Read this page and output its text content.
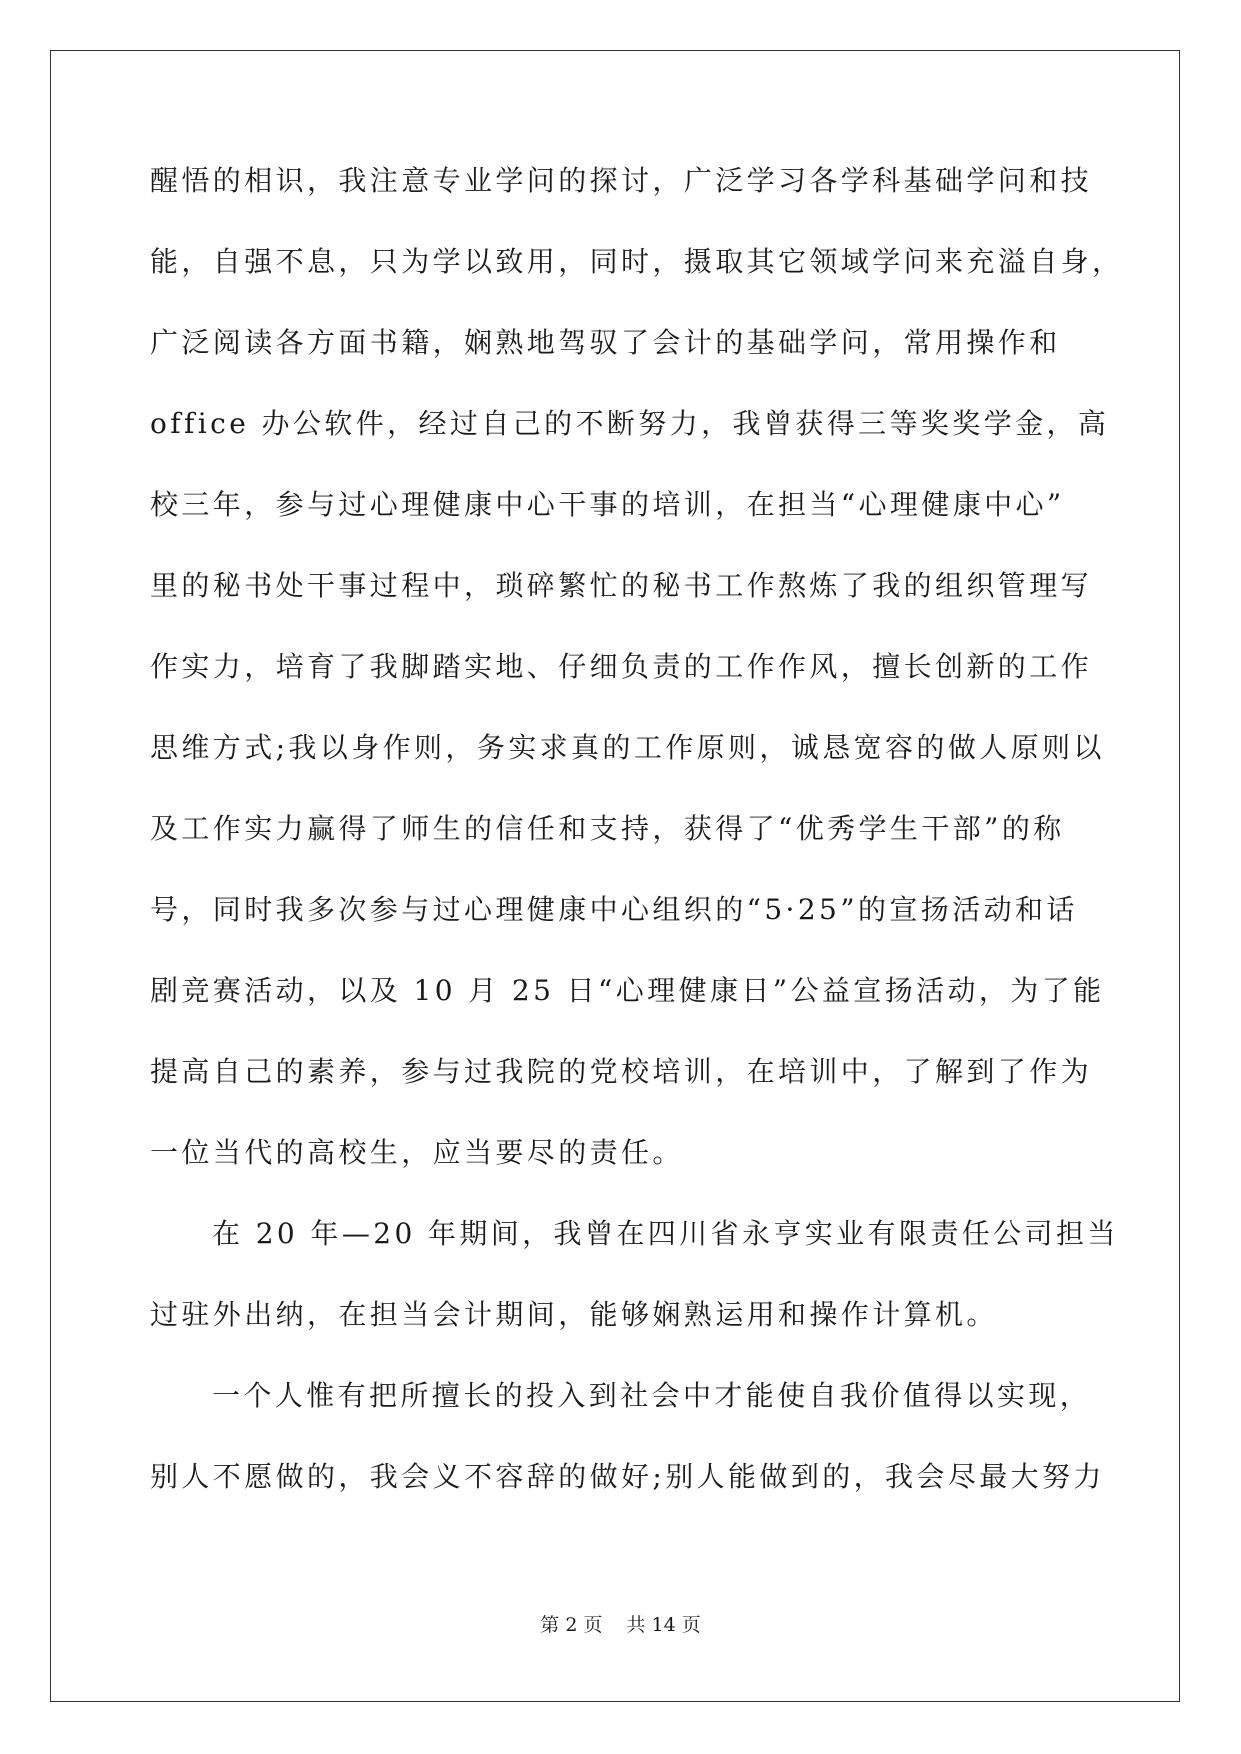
醒悟的相识，我注意专业学问的探讨，广泛学习各学科基础学问和技
能，自强不息，只为学以致用，同时，摄取其它领域学问来充溢自身，
广泛阅读各方面书籍，娴熟地驾驭了会计的基础学问，常用操作和
office 办公软件，经过自己的不断努力，我曾获得三等奖奖学金，高
校三年，参与过心理健康中心干事的培训，在担当“心理健康中心”
里的秘书处干事过程中，琐碎繁忙的秘书工作熬炼了我的组织管理写
作实力，培育了我脚踏实地、仔细负责的工作作风，擅长创新的工作
思维方式;我以身作则，务实求真的工作原则，诚恳宽容的做人原则以
及工作实力赢得了师生的信任和支持，获得了“优秀学生干部”的称
号，同时我多次参与过心理健康中心组织的“5·25”的宣扬活动和话
剧竞赛活动，以及 10 月 25 日“心理健康日”公益宣扬活动，为了能
提高自己的素养，参与过我院的党校培训，在培训中，了解到了作为
一位当代的高校生，应当要尽的责任。
在 20 年—20 年期间，我曾在四川省永亨实业有限责任公司担当
过驻外出纳，在担当会计期间，能够娴熟运用和操作计算机。
一个人惟有把所擅长的投入到社会中才能使自我价值得以实现，
别人不愿做的，我会义不容辞的做好;别人能做到的，我会尽最大努力
第 2 页 共 14 页
